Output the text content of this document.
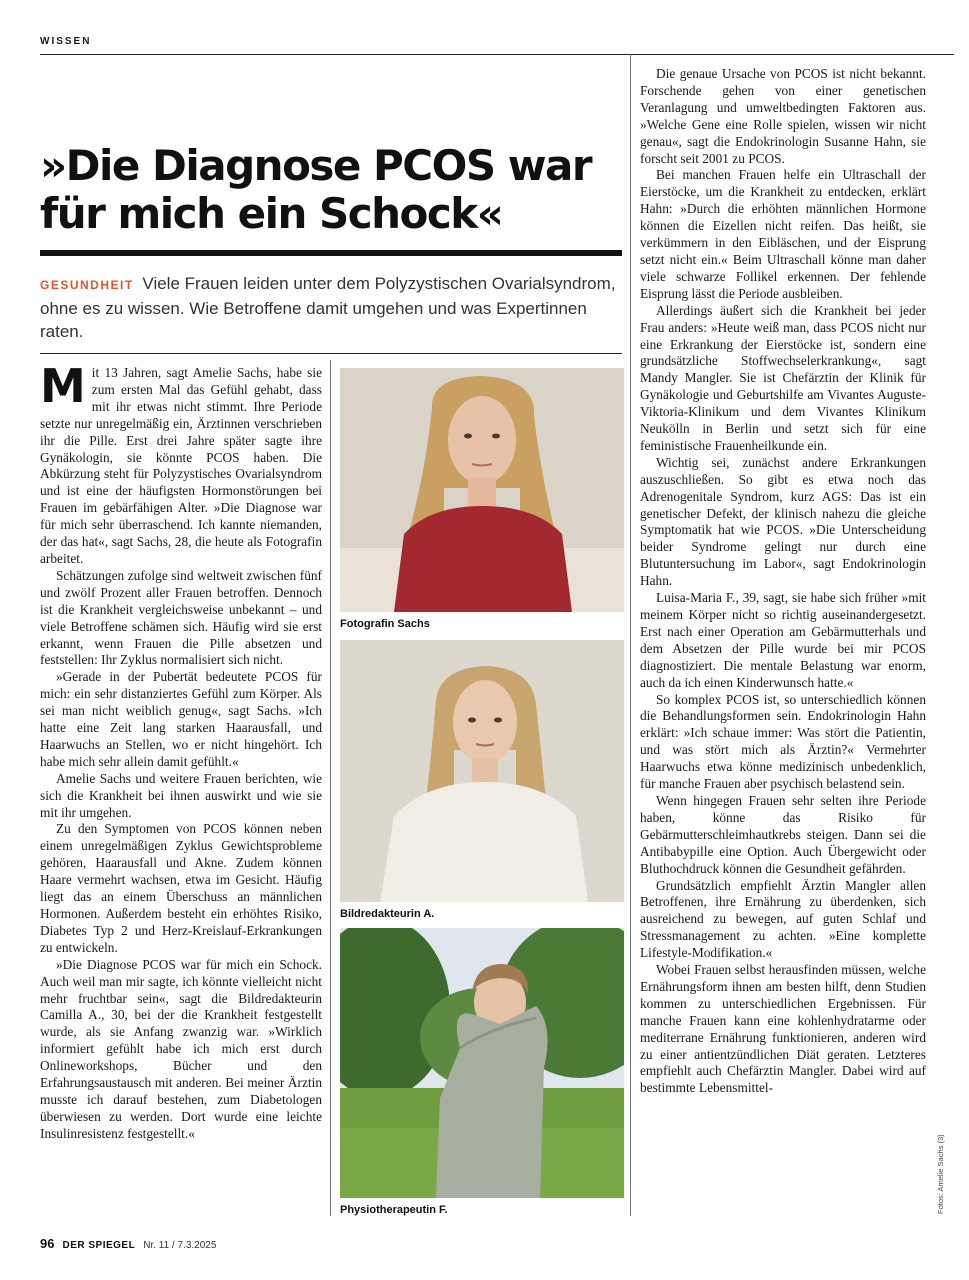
WISSEN
»Die Diagnose PCOS war für mich ein Schock«
GESUNDHEIT Viele Frauen leiden unter dem Polyzystischen Ovarialsyndrom, ohne es zu wissen. Wie Betroffene damit umgehen und was Expertinnen raten.

Mit 13 Jahren, sagt Amelie Sachs, habe sie zum ersten Mal das Gefühl gehabt, dass mit ihr etwas nicht stimmt. Ihre Periode setzte nur unregelmäßig ein, Ärztinnen verschrieben ihr die Pille. Erst drei Jahre später sagte ihre Gynäkologin, sie könnte PCOS haben. Die Abkürzung steht für Polyzystisches Ovarialsyndrom und ist eine der häufigsten Hormonstörungen bei Frauen im gebärfähigen Alter. »Die Diagnose war für mich sehr überraschend. Ich kannte niemanden, der das hat«, sagt Sachs, 28, die heute als Fotografin arbeitet.

Schätzungen zufolge sind weltweit zwischen fünf und zwölf Prozent aller Frauen betroffen. Dennoch ist die Krankheit vergleichsweise unbekannt – und viele Betroffene schämen sich. Häufig wird sie erst erkannt, wenn Frauen die Pille absetzen und feststellen: Ihr Zyklus normalisiert sich nicht.

»Gerade in der Pubertät bedeutete PCOS für mich: ein sehr distanziertes Gefühl zum Körper. Als sei man nicht weiblich genug«, sagt Sachs. »Ich hatte eine Zeit lang starken Haarausfall, und Haarwuchs an Stellen, wo er nicht hingehört. Ich habe mich sehr allein damit gefühlt.«

Amelie Sachs und weitere Frauen berichten, wie sich die Krankheit bei ihnen auswirkt und wie sie mit ihr umgehen.

Zu den Symptomen von PCOS können neben einem unregelmäßigen Zyklus Gewichtsprobleme gehören, Haarausfall und Akne. Zudem können Haare vermehrt wachsen, etwa im Gesicht. Häufig liegt das an einem Überschuss an männlichen Hormonen. Außerdem besteht ein erhöhtes Risiko, Diabetes Typ 2 und Herz-Kreislauf-Erkrankungen zu entwickeln.

»Die Diagnose PCOS war für mich ein Schock. Auch weil man mir sagte, ich könnte vielleicht nicht mehr fruchtbar sein«, sagt die Bildredakteurin Camilla A., 30, bei der die Krankheit festgestellt wurde, als sie Anfang zwanzig war. »Wirklich informiert gefühlt habe ich mich erst durch Onlineworkshops, Bücher und den Erfahrungsaustausch mit anderen. Bei meiner Ärztin musste ich darauf bestehen, zum Diabetologen überwiesen zu werden. Dort wurde eine leichte Insulinresistenz festgestellt.«

Fotografin Sachs
Bildredakteurin A.
Physiotherapeutin F.

Die genaue Ursache von PCOS ist nicht bekannt. Forschende gehen von einer genetischen Veranlagung und umweltbedingten Faktoren aus. »Welche Gene eine Rolle spielen, wissen wir nicht genau«, sagt die Endokrinologin Susanne Hahn, sie forscht seit 2001 zu PCOS.

Bei manchen Frauen helfe ein Ultraschall der Eierstöcke, um die Krankheit zu entdecken, erklärt Hahn: »Durch die erhöhten männlichen Hormone können die Eizellen nicht reifen. Das heißt, sie verkümmern in den Eibläschen, und der Eisprung setzt nicht ein.« Beim Ultraschall könne man daher viele schwarze Follikel erkennen. Der fehlende Eisprung lässt die Periode ausbleiben.

Allerdings äußert sich die Krankheit bei jeder Frau anders: »Heute weiß man, dass PCOS nicht nur eine Erkrankung der Eierstöcke ist, sondern eine grundsätzliche Stoffwechselerkrankung«, sagt Mandy Mangler. Sie ist Chefärztin der Klinik für Gynäkologie und Geburtshilfe am Vivantes Auguste-Viktoria-Klinikum und dem Vivantes Klinikum Neukölln in Berlin und setzt sich für eine feministische Frauenheilkunde ein.

Wichtig sei, zunächst andere Erkrankungen auszuschließen. So gibt es etwa noch das Adrenogenitale Syndrom, kurz AGS: Das ist ein genetischer Defekt, der klinisch nahezu die gleiche Symptomatik hat wie PCOS. »Die Unterscheidung beider Syndrome gelingt nur durch eine Blutuntersuchung im Labor«, sagt Endokrinologin Hahn.

Luisa-Maria F., 39, sagt, sie habe sich früher »mit meinem Körper nicht so richtig auseinandergesetzt. Erst nach einer Operation am Gebärmutterhals und dem Absetzen der Pille wurde bei mir PCOS diagnostiziert. Die mentale Belastung war enorm, auch da ich einen Kinderwunsch hatte.«

So komplex PCOS ist, so unterschiedlich können die Behandlungsformen sein. Endokrinologin Hahn erklärt: »Ich schaue immer: Was stört die Patientin, und was stört mich als Ärztin?« Vermehrter Haarwuchs etwa könne medizinisch unbedenklich, für manche Frauen aber psychisch belastend sein.

Wenn hingegen Frauen sehr selten ihre Periode haben, könne das Risiko für Gebärmutterschleimhautkrebs steigen. Dann sei die Antibabypille eine Option. Auch Übergewicht oder Bluthochdruck können die Gesundheit gefährden.

Grundsätzlich empfiehlt Ärztin Mangler allen Betroffenen, ihre Ernährung zu überdenken, sich ausreichend zu bewegen, auf guten Schlaf und Stressmanagement zu achten. »Eine komplette Lifestyle-Modifikation.«

Wobei Frauen selbst herausfinden müssen, welche Ernährungsform ihnen am besten hilft, denn Studien kommen zu unterschiedlichen Ergebnissen. Für manche Frauen kann eine kohlenhydratarme oder mediterrane Ernährung funktionieren, anderen wird zu einer antientzündlichen Diät geraten. Letzteres empfiehlt auch Chefärztin Mangler. Dabei wird auf bestimmte Lebensmittel-

Fotos: Amelie Sachs (3)
96 DER SPIEGEL Nr. 11 / 7.3.2025
